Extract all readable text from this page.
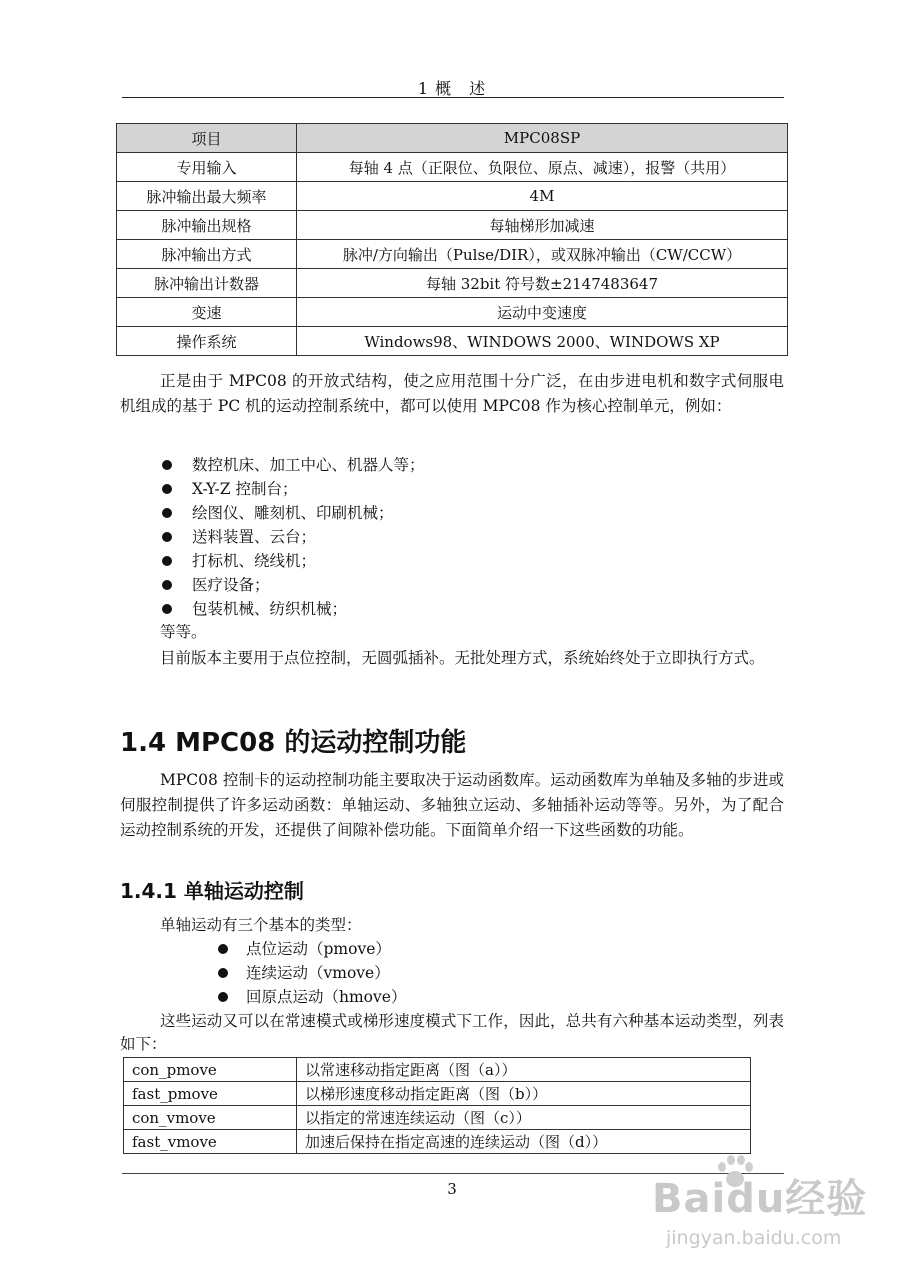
1 概　述
项目	MPC08SP
专用输入	每轴 4 点（正限位、负限位、原点、减速），报警（共用）
脉冲输出最大频率	4M
脉冲输出规格	每轴梯形加减速
脉冲输出方式	脉冲/方向输出（Pulse/DIR），或双脉冲输出（CW/CCW）
脉冲输出计数器	每轴 32bit 符号数±2147483647
变速	运动中变速度
操作系统	Windows98、WINDOWS 2000、WINDOWS XP

正是由于 MPC08 的开放式结构，使之应用范围十分广泛，在由步进电机和数字式伺服电机组成的基于 PC 机的运动控制系统中，都可以使用 MPC08 作为核心控制单元，例如：

数控机床、加工中心、机器人等；
X-Y-Z 控制台；
绘图仪、雕刻机、印刷机械；
送料装置、云台；
打标机、绕线机；
医疗设备；
包装机械、纺织机械；
等等。

目前版本主要用于点位控制，无圆弧插补。无批处理方式，系统始终处于立即执行方式。

1.4 MPC08 的运动控制功能

MPC08 控制卡的运动控制功能主要取决于运动函数库。运动函数库为单轴及多轴的步进或伺服控制提供了许多运动函数：单轴运动、多轴独立运动、多轴插补运动等等。另外，为了配合运动控制系统的开发，还提供了间隙补偿功能。下面简单介绍一下这些函数的功能。

1.4.1 单轴运动控制
单轴运动有三个基本的类型：
点位运动（pmove）
连续运动（vmove）
回原点运动（hmove）

这些运动又可以在常速模式或梯形速度模式下工作，因此，总共有六种基本运动类型，列表如下：

con_pmove	以常速移动指定距离（图（a））
fast_pmove	以梯形速度移动指定距离（图（b））
con_vmove	以指定的常速连续运动（图（c））
fast_vmove	加速后保持在指定高速的连续运动（图（d））
3	Baidu经验
jingyan.baidu.com
